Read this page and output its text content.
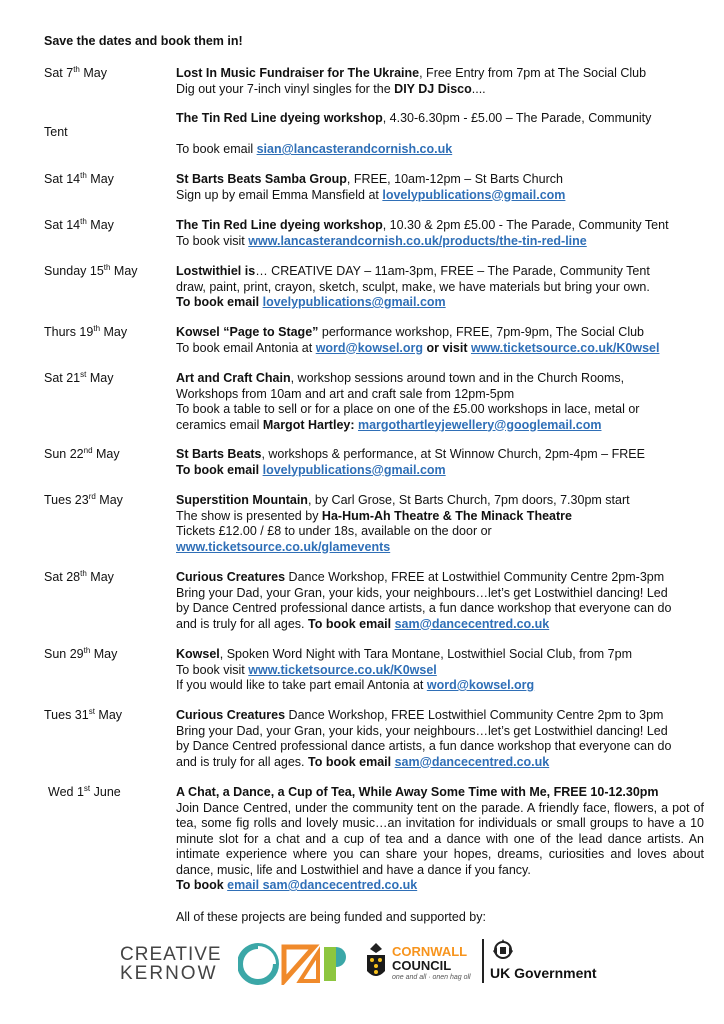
Save the dates and book them in!
Sat 7th May	Lost In Music Fundraiser for The Ukraine, Free Entry from 7pm at The Social Club
Dig out your 7-inch vinyl singles for the DIY DJ Disco....
The Tin Red Line dyeing workshop, 4.30-6.30pm - £5.00 – The Parade, Community
Tent
To book email sian@lancasterandcornish.co.uk
Sat 14th May	St Barts Beats Samba Group, FREE, 10am-12pm – St Barts Church
Sign up by email Emma Mansfield at lovelypublications@gmail.com
Sat 14th May	The Tin Red Line dyeing workshop, 10.30 & 2pm £5.00 - The Parade, Community Tent
To book visit www.lancasterandcornish.co.uk/products/the-tin-red-line
Sunday 15th May	Lostwithiel is… CREATIVE DAY – 11am-3pm, FREE – The Parade, Community Tent
draw, paint, print, crayon, sketch, sculpt, make, we have materials but bring your own.
To book email lovelypublications@gmail.com
Thurs 19th May	Kowsel “Page to Stage” performance workshop, FREE, 7pm-9pm, The Social Club
To book email Antonia at word@kowsel.org or visit www.ticketsource.co.uk/K0wsel
Sat 21st May	Art and Craft Chain, workshop sessions around town and in the Church Rooms,
Workshops from 10am and art and craft sale from 12pm-5pm
To book a table to sell or for a place on one of the £5.00 workshops in lace, metal or
ceramics email Margot Hartley: margothartleyjewellery@googlemail.com
Sun 22nd May	St Barts Beats, workshops & performance, at St Winnow Church, 2pm-4pm – FREE
To book email lovelypublications@gmail.com
Tues 23rd May	Superstition Mountain, by Carl Grose, St Barts Church, 7pm doors, 7.30pm start
The show is presented by Ha-Hum-Ah Theatre & The Minack Theatre
Tickets £12.00 / £8 to under 18s, available on the door or
www.ticketsource.co.uk/glamevents
Sat 28th May	Curious Creatures Dance Workshop, FREE at Lostwithiel Community Centre 2pm-3pm
Bring your Dad, your Gran, your kids, your neighbours…let’s get Lostwithiel dancing! Led
by Dance Centred professional dance artists, a fun dance workshop that everyone can do
and is truly for all ages. To book email sam@dancecentred.co.uk
Sun 29th May	Kowsel, Spoken Word Night with Tara Montane, Lostwithiel Social Club, from 7pm
To book visit www.ticketsource.co.uk/K0wsel
If you would like to take part email Antonia at word@kowsel.org
Tues 31st May	Curious Creatures Dance Workshop, FREE Lostwithiel Community Centre 2pm to 3pm
Bring your Dad, your Gran, your kids, your neighbours…let’s get Lostwithiel dancing! Led
by Dance Centred professional dance artists, a fun dance workshop that everyone can do
and is truly for all ages. To book email sam@dancecentred.co.uk
Wed 1st June	A Chat, a Dance, a Cup of Tea, While Away Some Time with Me, FREE 10-12.30pm
Join Dance Centred, under the community tent on the parade. A friendly face, flowers, a pot of tea, some fig rolls and lovely music…an invitation for individuals or small groups to have a 10 minute slot for a chat and a cup of tea and a dance with one of the lead dance artists. An intimate experience where you can share your hopes, dreams, curiosities and loves about dance, music, life and Lostwithiel and have a dance if you fancy.
To book email sam@dancecentred.co.uk
All of these projects are being funded and supported by:
CREATIVE
KERNOW
CORNWALL
COUNCIL
one and all · onen hag oll UK Government
